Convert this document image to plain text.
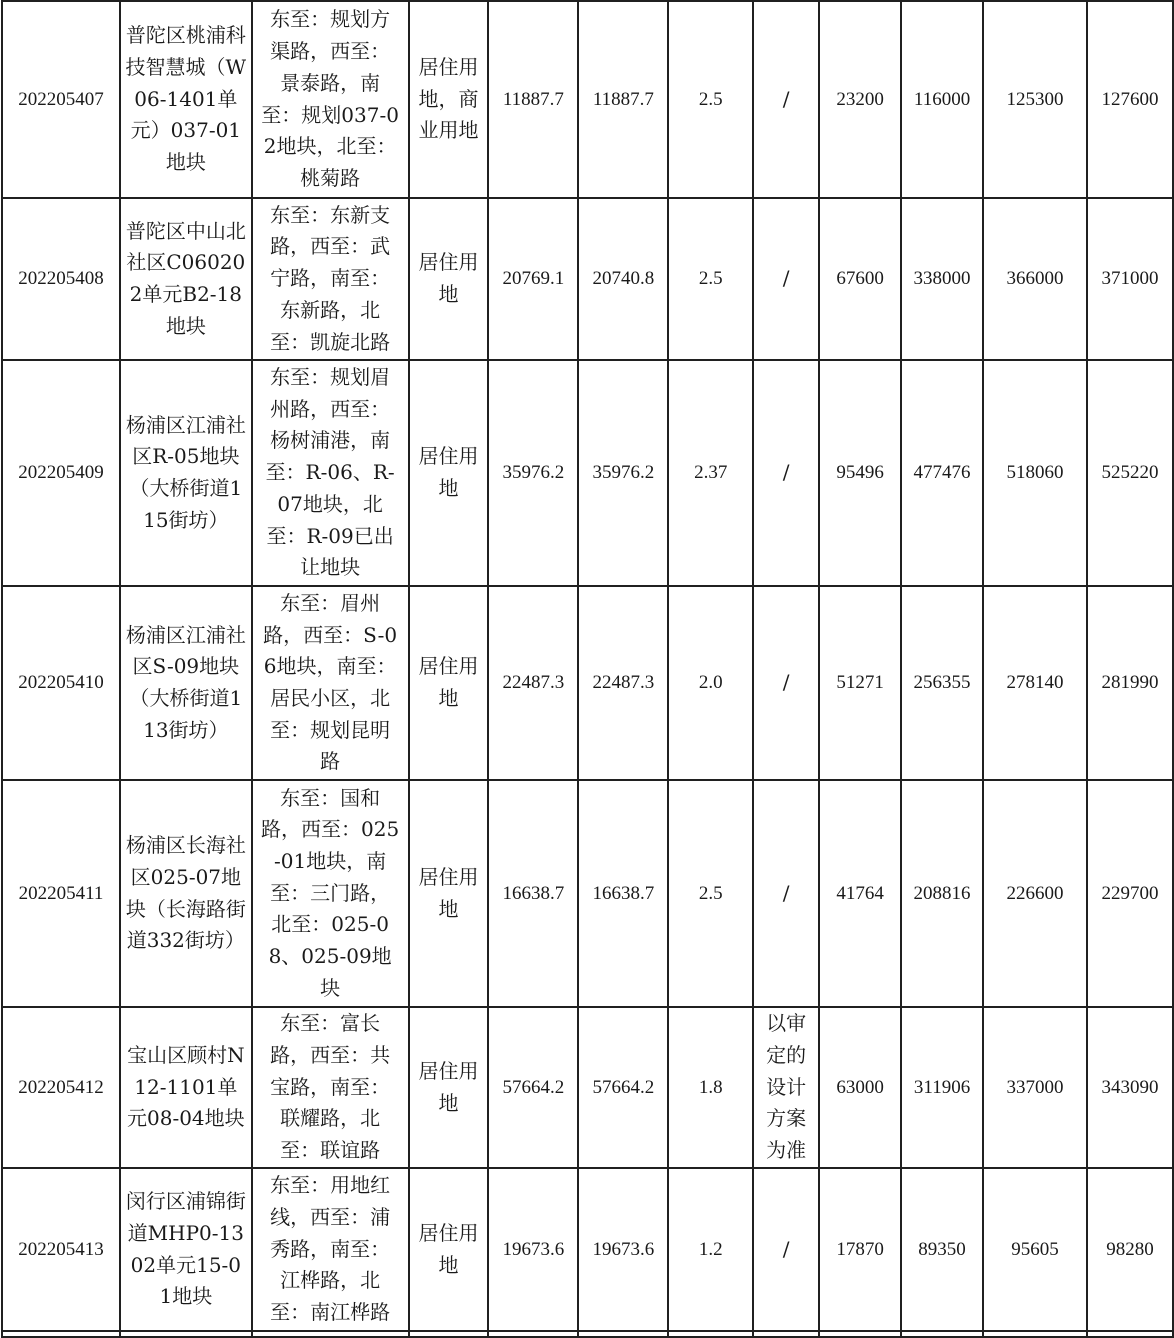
202205407	普陀区桃浦科技智慧城（W06-1401单元）037-01地块	东至：规划方渠路，西至：景泰路，南至：规划037-02地块，北至：桃菊路	居住用地，商业用地	11887.7	11887.7	2.5	/	23200	116000	125300	127600
202205408	普陀区中山北社区C060202单元B2-18地块	东至：东新支路，西至：武宁路，南至：东新路，北至：凯旋北路	居住用地	20769.1	20740.8	2.5	/	67600	338000	366000	371000
202205409	杨浦区江浦社区R-05地块（大桥街道115街坊）	东至：规划眉州路，西至：杨树浦港，南至：R-06、R-07地块，北至：R-09已出让地块	居住用地	35976.2	35976.2	2.37	/	95496	477476	518060	525220
202205410	杨浦区江浦社区S-09地块（大桥街道113街坊）	东至：眉州路，西至：S-06地块，南至：居民小区，北至：规划昆明路	居住用地	22487.3	22487.3	2.0	/	51271	256355	278140	281990
202205411	杨浦区长海社区025-07地块（长海路街道332街坊）	东至：国和路，西至：025-01地块，南至：三门路，北至：025-08、025-09地块	居住用地	16638.7	16638.7	2.5	/	41764	208816	226600	229700
202205412	宝山区顾村N12-1101单元08-04地块	东至：富长路，西至：共宝路，南至：联耀路，北至：联谊路	居住用地	57664.2	57664.2	1.8	以审定的设计方案为准	63000	311906	337000	343090
202205413	闵行区浦锦街道MHP0-1302单元15-01地块	东至：用地红线，西至：浦秀路，南至：江桦路，北至：南江桦路	居住用地	19673.6	19673.6	1.2	/	17870	89350	95605	98280
